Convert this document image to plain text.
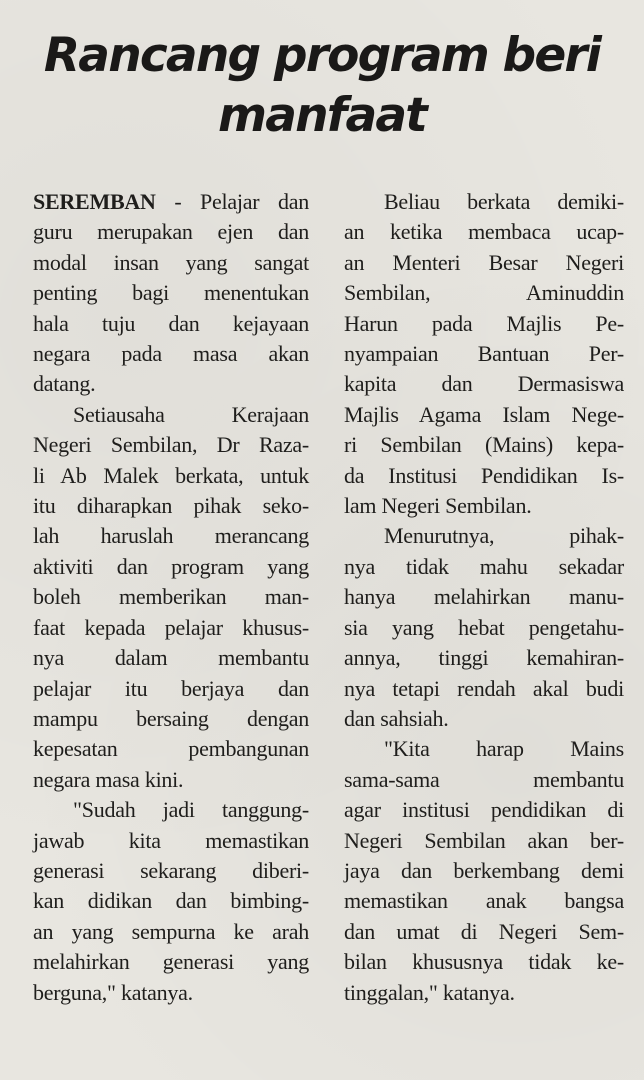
Rancang program beri
manfaat

SEREMBAN - Pelajar dan
guru merupakan ejen dan
modal insan yang sangat
penting bagi menentukan
hala tuju dan kejayaan
negara pada masa akan
datang.

Setiausaha Kerajaan
Negeri Sembilan, Dr Raza-
li Ab Malek berkata, untuk
itu diharapkan pihak seko-
lah haruslah merancang
aktiviti dan program yang
boleh memberikan man-
faat kepada pelajar khusus-
nya dalam membantu
pelajar itu berjaya dan
mampu bersaing dengan
kepesatan pembangunan
negara masa kini.

"Sudah jadi tanggung-
jawab kita memastikan
generasi sekarang diberi-
kan didikan dan bimbing-
an yang sempurna ke arah
melahirkan generasi yang
berguna," katanya.

Beliau berkata demiki-
an ketika membaca ucap-
an Menteri Besar Negeri
Sembilan, Aminuddin
Harun pada Majlis Pe-
nyampaian Bantuan Per-
kapita dan Dermasiswa
Majlis Agama Islam Nege-
ri Sembilan (Mains) kepa-
da Institusi Pendidikan Is-
lam Negeri Sembilan.

Menurutnya, pihak-
nya tidak mahu sekadar
hanya melahirkan manu-
sia yang hebat pengetahu-
annya, tinggi kemahiran-
nya tetapi rendah akal budi
dan sahsiah.

"Kita harap Mains
sama-sama membantu
agar institusi pendidikan di
Negeri Sembilan akan ber-
jaya dan berkembang demi
memastikan anak bangsa
dan umat di Negeri Sem-
bilan khususnya tidak ke-
tinggalan," katanya.
